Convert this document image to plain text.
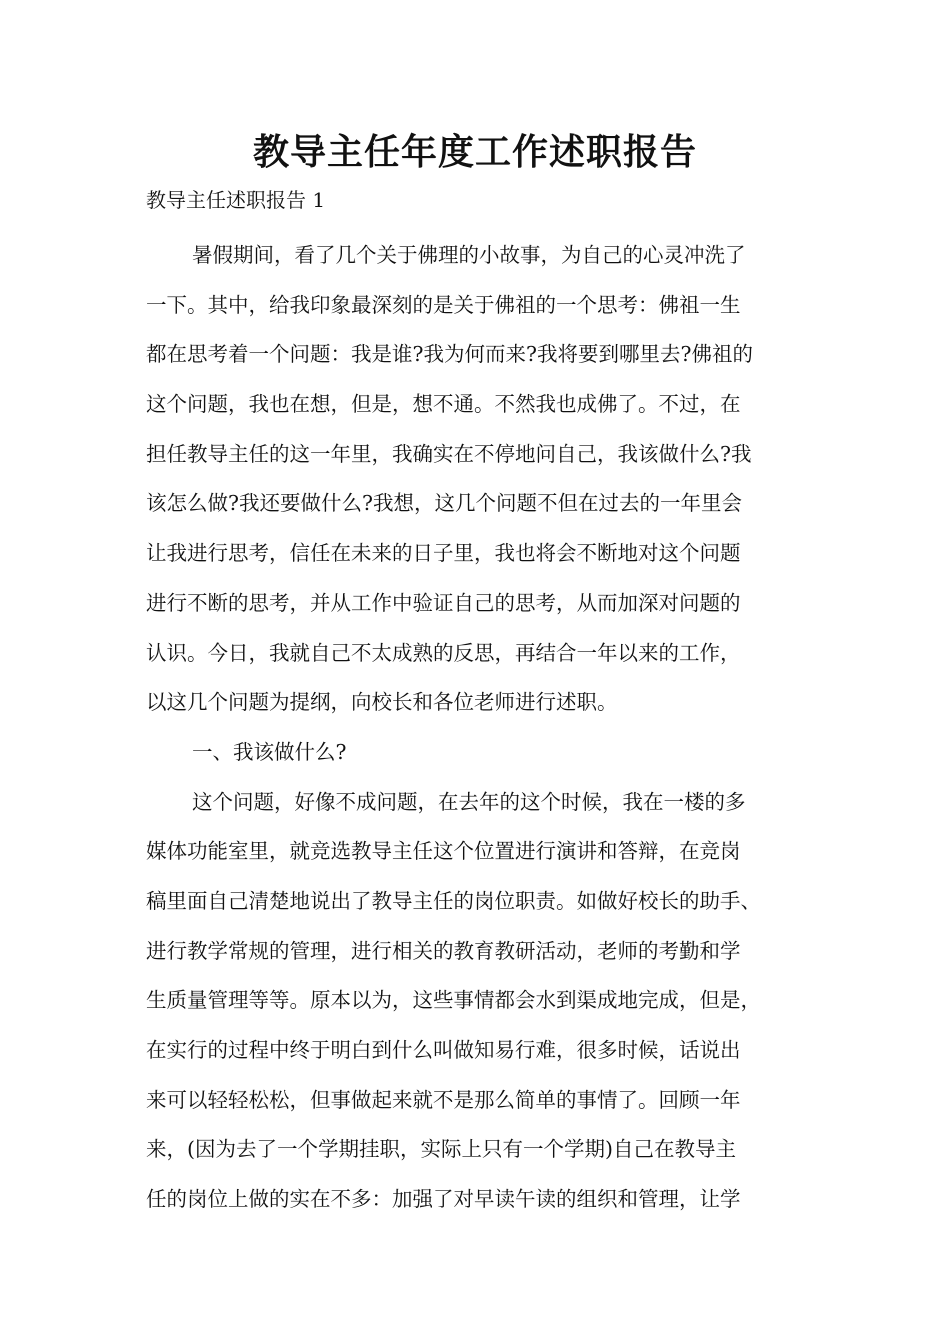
教导主任年度工作述职报告
教导主任述职报告 1
暑假期间，看了几个关于佛理的小故事，为自己的心灵冲洗了
一下。其中，给我印象最深刻的是关于佛祖的一个思考：佛祖一生
都在思考着一个问题：我是谁?我为何而来?我将要到哪里去?佛祖的
这个问题，我也在想，但是，想不通。不然我也成佛了。不过，在
担任教导主任的这一年里，我确实在不停地问自己，我该做什么?我
该怎么做?我还要做什么?我想，这几个问题不但在过去的一年里会
让我进行思考，信任在未来的日子里，我也将会不断地对这个问题
进行不断的思考，并从工作中验证自己的思考，从而加深对问题的
认识。今日，我就自己不太成熟的反思，再结合一年以来的工作，
以这几个问题为提纲，向校长和各位老师进行述职。
一、我该做什么?
这个问题，好像不成问题，在去年的这个时候，我在一楼的多
媒体功能室里，就竞选教导主任这个位置进行演讲和答辩，在竞岗
稿里面自己清楚地说出了教导主任的岗位职责。如做好校长的助手、
进行教学常规的管理，进行相关的教育教研活动，老师的考勤和学
生质量管理等等。原本以为，这些事情都会水到渠成地完成，但是，
在实行的过程中终于明白到什么叫做知易行难，很多时候，话说出
来可以轻轻松松，但事做起来就不是那么简单的事情了。回顾一年
来，(因为去了一个学期挂职，实际上只有一个学期)自己在教导主
任的岗位上做的实在不多：加强了对早读午读的组织和管理，让学
